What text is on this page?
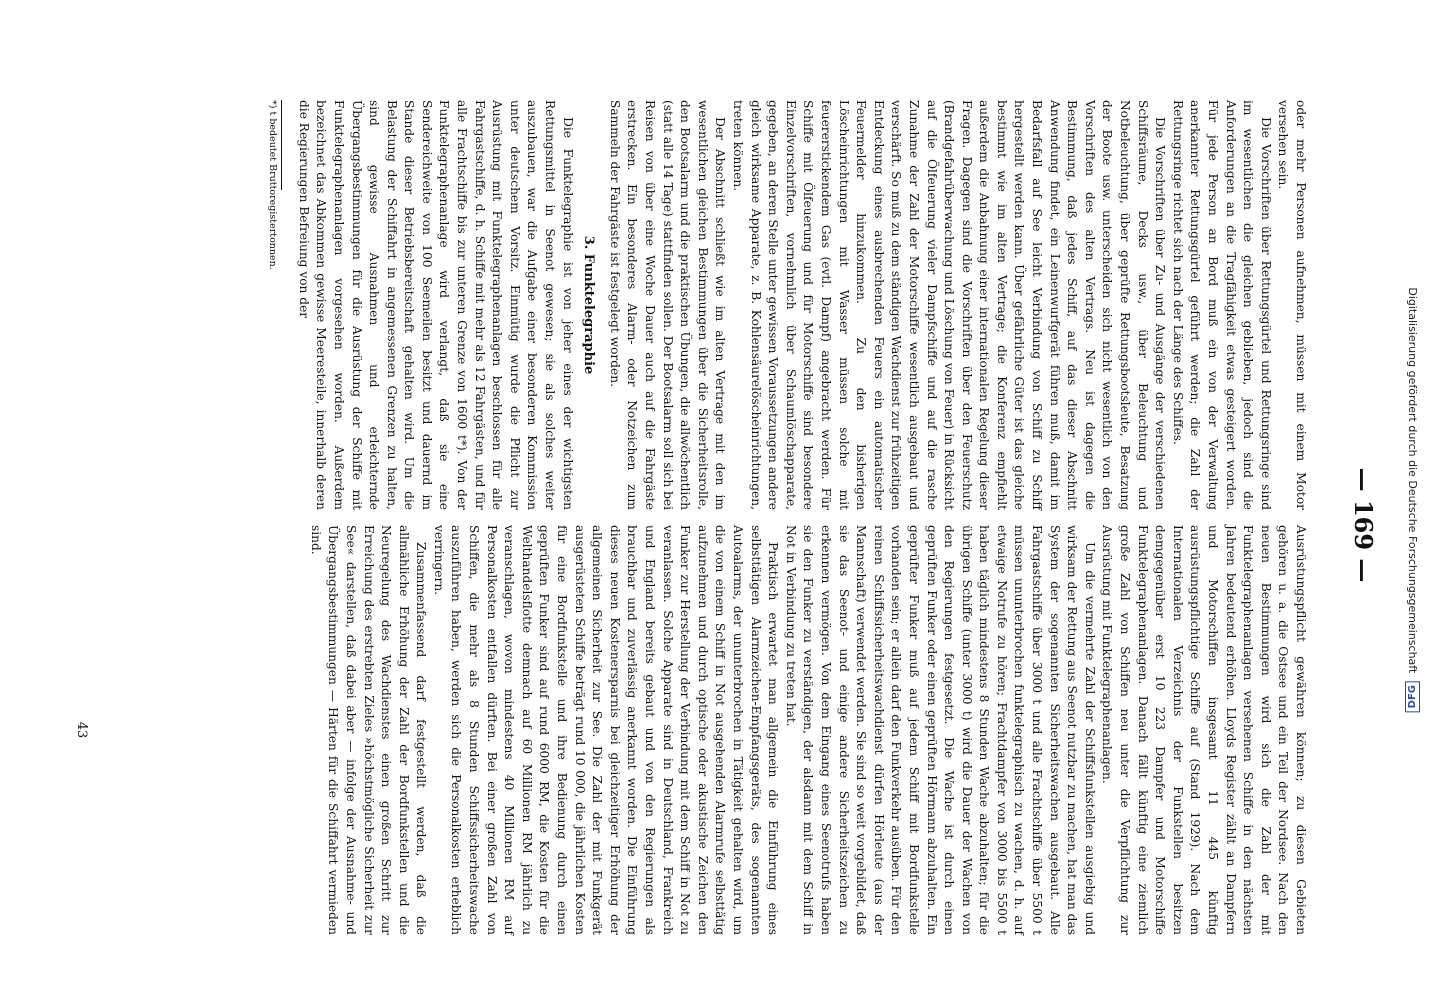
Digitalisierung gefördert durch die Deutsche Forschungsgemeinschaft
DFG
— 169 —

oder mehr Personen aufnehmen, müssen mit einem Motor versehen sein.

Die Vorschriften über Rettungsgürtel und Rettungsringe sind im wesentlichen die gleichen geblieben, jedoch sind die Anforderungen an die Tragfähigkeit etwas gesteigert worden. Für jede Person an Bord muß ein von der Verwaltung anerkannter Rettungsgürtel geführt werden; die Zahl der Rettungsringe richtet sich nach der Länge des Schiffes.

Die Vorschriften über Zu- und Ausgänge der verschiedenen Schiffsräume, Decks usw., über Beleuchtung und Notbeleuchtung, über geprüfte Rettungsbootsleute, Besatzung der Boote usw. unterscheiden sich nicht wesentlich von den Vorschriften des alten Vertrags. Neu ist dagegen die Bestimmung, daß jedes Schiff, auf das dieser Abschnitt Anwendung findet, ein Leinenwurfgerät führen muß, damit im Bedarfsfall auf See leicht Verbindung von Schiff zu Schiff hergestellt werden kann. Über gefährliche Güter ist das gleiche bestimmt wie im alten Vertrage; die Konferenz empfiehlt außerdem die Anbahnung einer internationalen Regelung dieser Fragen. Dagegen sind die Vorschriften über den Feuerschutz (Brandgefahrüberwachung und Löschung von Feuer) in Rücksicht auf die Ölfeuerung vieler Dampfschiffe und auf die rasche Zunahme der Zahl der Motorschiffe wesentlich ausgebaut und verschärft. So muß zu dem ständigen Wachdienst zur frühzeitigen Entdeckung eines ausbrechenden Feuers ein automatischer Feuermelder hinzukommen. Zu den bisherigen Löscheinrichtungen mit Wasser müssen solche mit feuererstickendem Gas (evtl. Dampf) angebracht werden. Für Schiffe mit Ölfeuerung und für Motorschiffe sind besondere Einzelvorschriften, vornehmlich über Schaumlöschapparate, gegeben, an deren Stelle unter gewissen Voraussetzungen andere gleich wirksame Apparate, z. B. Kohlensäurelöscheinrichtungen, treten können.

Der Abschnitt schließt wie im alten Vertrage mit den im wesentlichen gleichen Bestimmungen über die Sicherheitsrolle, den Bootsalarm und die praktischen Übungen, die allwöchentlich (statt alle 14 Tage) stattfinden sollen. Der Bootsalarm soll sich bei Reisen von über eine Woche Dauer auch auf die Fahrgäste erstrecken. Ein besonderes Alarm- oder Notzeichen zum Sammeln der Fahrgäste ist festgelegt worden.

3. Funktelegraphie

Die Funktelegraphie ist von jeher eines der wichtigsten Rettungsmittel in Seenot gewesen; sie als solches weiter auszubauen, war die Aufgabe einer besonderen Kommission unter deutschem Vorsitz. Einmütig wurde die Pflicht zur Ausrüstung mit Funktelegraphenanlagen beschlossen für alle Fahrgastschiffe, d. h. Schiffe mit mehr als 12 Fahrgästen, und für alle Frachtschiffe bis zur unteren Grenze von 1600 t*). Von der Funktelegraphenanlage wird verlangt, daß sie eine Sendereichweite von 100 Seemeilen besitzt und dauernd im Stande dieser Betriebsbereitschaft gehalten wird. Um die Belastung der Schiffahrt in angemessenen Grenzen zu halten, sind gewisse Ausnahmen und erleichternde Übergangsbestimmungen für die Ausrüstung der Schiffe mit Funktelegraphenanlagen vorgesehen worden. Außerdem bezeichnet das Abkommen gewisse Meeresteile, innerhalb deren die Regierungen Befreiung von der

*) t bedeutet Bruttoregistertonnen.

Ausrüstungspflicht gewähren können; zu diesen Gebieten gehören u. a. die Ostsee und ein Teil der Nordsee. Nach den neuen Bestimmungen wird sich die Zahl der mit Funktelegraphenanlagen versehenen Schiffe in den nächsten Jahren bedeutend erhöhen. Lloyds Register zählt an Dampfern und Motorschiffen insgesamt 11 445 künftig ausrüstungspflichtige Schiffe auf (Stand 1929). Nach dem Internationalen Verzeichnis der Funkstellen besitzen demgegenüber erst 10 223 Dampfer und Motorschiffe Funktelegraphenanlagen. Danach fällt künftig eine ziemlich große Zahl von Schiffen neu unter die Verpflichtung zur Ausrüstung mit Funktelegraphenanlagen.

Um die vermehrte Zahl der Schiffsfunkstellen ausgiebig und wirksam der Rettung aus Seenot nutzbar zu machen, hat man das System der sogenannten Sicherheitswachen ausgebaut. Alle Fahrgastschiffe über 3000 t und alle Frachtschiffe über 5500 t müssen ununterbrochen funktelegraphisch zu wachen, d. h. auf etwaige Notrufe zu hören; Frachtdampfer von 3000 bis 5500 t haben täglich mindestens 8 Stunden Wache abzuhalten; für die übrigen Schiffe (unter 3000 t) wird die Dauer der Wachen von den Regierungen festgesetzt. Die Wache ist durch einen geprüften Funker oder einen geprüften Hörmann abzuhalten. Ein geprüfter Funker muß auf jedem Schiff mit Bordfunkstelle vorhanden sein; er allein darf den Funkverkehr ausüben. Für den reinen Schiffssicherheitswachdienst dürfen Hörleute (aus der Mannschaft) verwendet werden. Sie sind so weit vorgebildet, daß sie das Seenot- und einige andere Sicherheitszeichen zu erkennen vermögen. Von dem Eingang eines Seenotrufs haben sie den Funker zu verständigen, der alsdann mit dem Schiff in Not in Verbindung zu treten hat.

Praktisch erwartet man allgemein die Einführung eines selbsttätigen Alarmzeichen-Empfangsgeräts, des sogenannten Autoalarms, der ununterbrochen in Tätigkeit gehalten wird, um die von einem Schiff in Not ausgehenden Alarmrufe selbsttätig aufzunehmen und durch optische oder akustische Zeichen den Funker zur Herstellung der Verbindung mit dem Schiff in Not zu veranlassen. Solche Apparate sind in Deutschland, Frankreich und England bereits gebaut und von den Regierungen als brauchbar und zuverlässig anerkannt worden. Die Einführung dieses neuen Kostenersparnis bei gleichzeitiger Erhöhung der allgemeinen Sicherheit zur See. Die Zahl der mit Funkgerät ausgerüsteten Schiffe beträgt rund 10 000, die jährlichen Kosten für eine Bordfunkstelle und ihre Bedienung durch einen geprüften Funker sind auf rund 6000 RM, die Kosten für die Welthandelsflotte demnach auf 60 Millionen RM jährlich zu veranschlagen, wovon mindestens 40 Millionen RM auf Personalkosten entfallen dürften. Bei einer großen Zahl von Schiffen, die mehr als 8 Stunden Schiffssicherheitswache auszuführen haben, werden sich die Personalkosten erheblich verringern.

Zusammenfassend darf festgestellt werden, daß die allmähliche Erhöhung der Zahl der Bordfunkstellen und die Neuregelung des Wachdienstes einen großen Schritt zur Erreichung des erstrebten Zieles »höchstmögliche Sicherheit zur See« darstellen, daß dabei aber — infolge der Ausnahme- und Übergangsbestimmungen — Härten für die Schiffahrt vermieden sind.

43
